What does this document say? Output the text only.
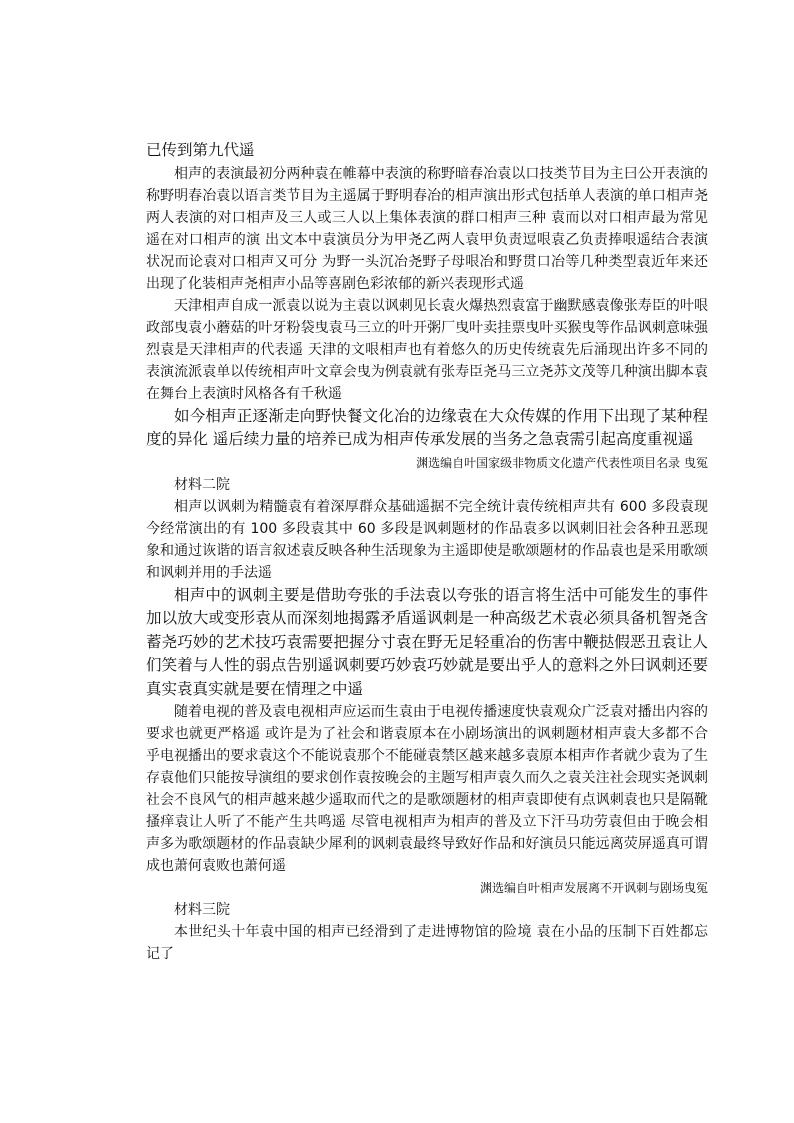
已传到第九代遥

相声的表演最初分两种袁在帷幕中表演的称野暗春冶袁以口技类节目为主曰公开表演的称野明春冶袁以语言类节目为主遥属于野明春冶的相声演出形式包括单人表演的单口相声尧两人表演的对口相声及三人或三人以上集体表演的群口相声三种 袁而以对口相声最为常见遥在对口相声的演 出文本中袁演员分为甲尧乙两人袁甲负责逗哏袁乙负责捧哏遥结合表演状况而论袁对口相声又可分 为野一头沉冶尧野子母哏冶和野贯口冶等几种类型袁近年来还出现了化装相声尧相声小品等喜剧色彩浓郁的新兴表现形式遥

天津相声自成一派袁以说为主袁以讽刺见长袁火爆热烈袁富于幽默感袁像张寿臣的叶哏政部曳袁小蘑菇的叶牙粉袋曳袁马三立的叶开粥厂曳叶卖挂票曳叶买猴曳等作品讽刺意味强烈袁是天津相声的代表遥 天津的文哏相声也有着悠久的历史传统袁先后涌现出许多不同的表演流派袁单以传统相声叶文章会曳为例袁就有张寿臣尧马三立尧苏文茂等几种演出脚本袁在舞台上表演时风格各有千秋遥

如今相声正逐渐走向野快餐文化冶的边缘袁在大众传媒的作用下出现了某种程度的异化 遥后续力量的培养已成为相声传承发展的当务之急袁需引起高度重视遥

渊选编自叶国家级非物质文化遗产代表性项目名录 曳冤

材料二院

相声以讽刺为精髓袁有着深厚群众基础遥据不完全统计袁传统相声共有 600 多段袁现今经常演出的有 100 多段袁其中 60 多段是讽刺题材的作品袁多以讽刺旧社会各种丑恶现象和通过诙谐的语言叙述袁反映各种生活现象为主遥即使是歌颂题材的作品袁也是采用歌颂和讽刺并用的手法遥

相声中的讽刺主要是借助夸张的手法袁以夸张的语言将生活中可能发生的事件加以放大或变形袁从而深刻地揭露矛盾遥讽刺是一种高级艺术袁必须具备机智尧含蓄尧巧妙的艺术技巧袁需要把握分寸袁在野无足轻重冶的伤害中鞭挞假恶丑袁让人们笑着与人性的弱点告别遥讽刺要巧妙袁巧妙就是要出乎人的意料之外曰讽刺还要真实袁真实就是要在情理之中遥

随着电视的普及袁电视相声应运而生袁由于电视传播速度快袁观众广泛袁对播出内容的要求也就更严格遥 或许是为了社会和谐袁原本在小剧场演出的讽刺题材相声袁大多都不合乎电视播出的要求袁这个不能说袁那个不能碰袁禁区越来越多袁原本相声作者就少袁为了生存袁他们只能按导演组的要求创作袁按晚会的主题写相声袁久而久之袁关注社会现实尧讽刺社会不良风气的相声越来越少遥取而代之的是歌颂题材的相声袁即使有点讽刺袁也只是隔靴搔痒袁让人听了不能产生共鸣遥 尽管电视相声为相声的普及立下汗马功劳袁但由于晚会相声多为歌颂题材的作品袁缺少犀利的讽刺袁最终导致好作品和好演员只能远离荧屏遥真可谓成也萧何袁败也萧何遥

渊选编自叶相声发展离不开讽刺与剧场曳冤

材料三院

本世纪头十年袁中国的相声已经滑到了走进博物馆的险境 袁在小品的压制下百姓都忘记了
